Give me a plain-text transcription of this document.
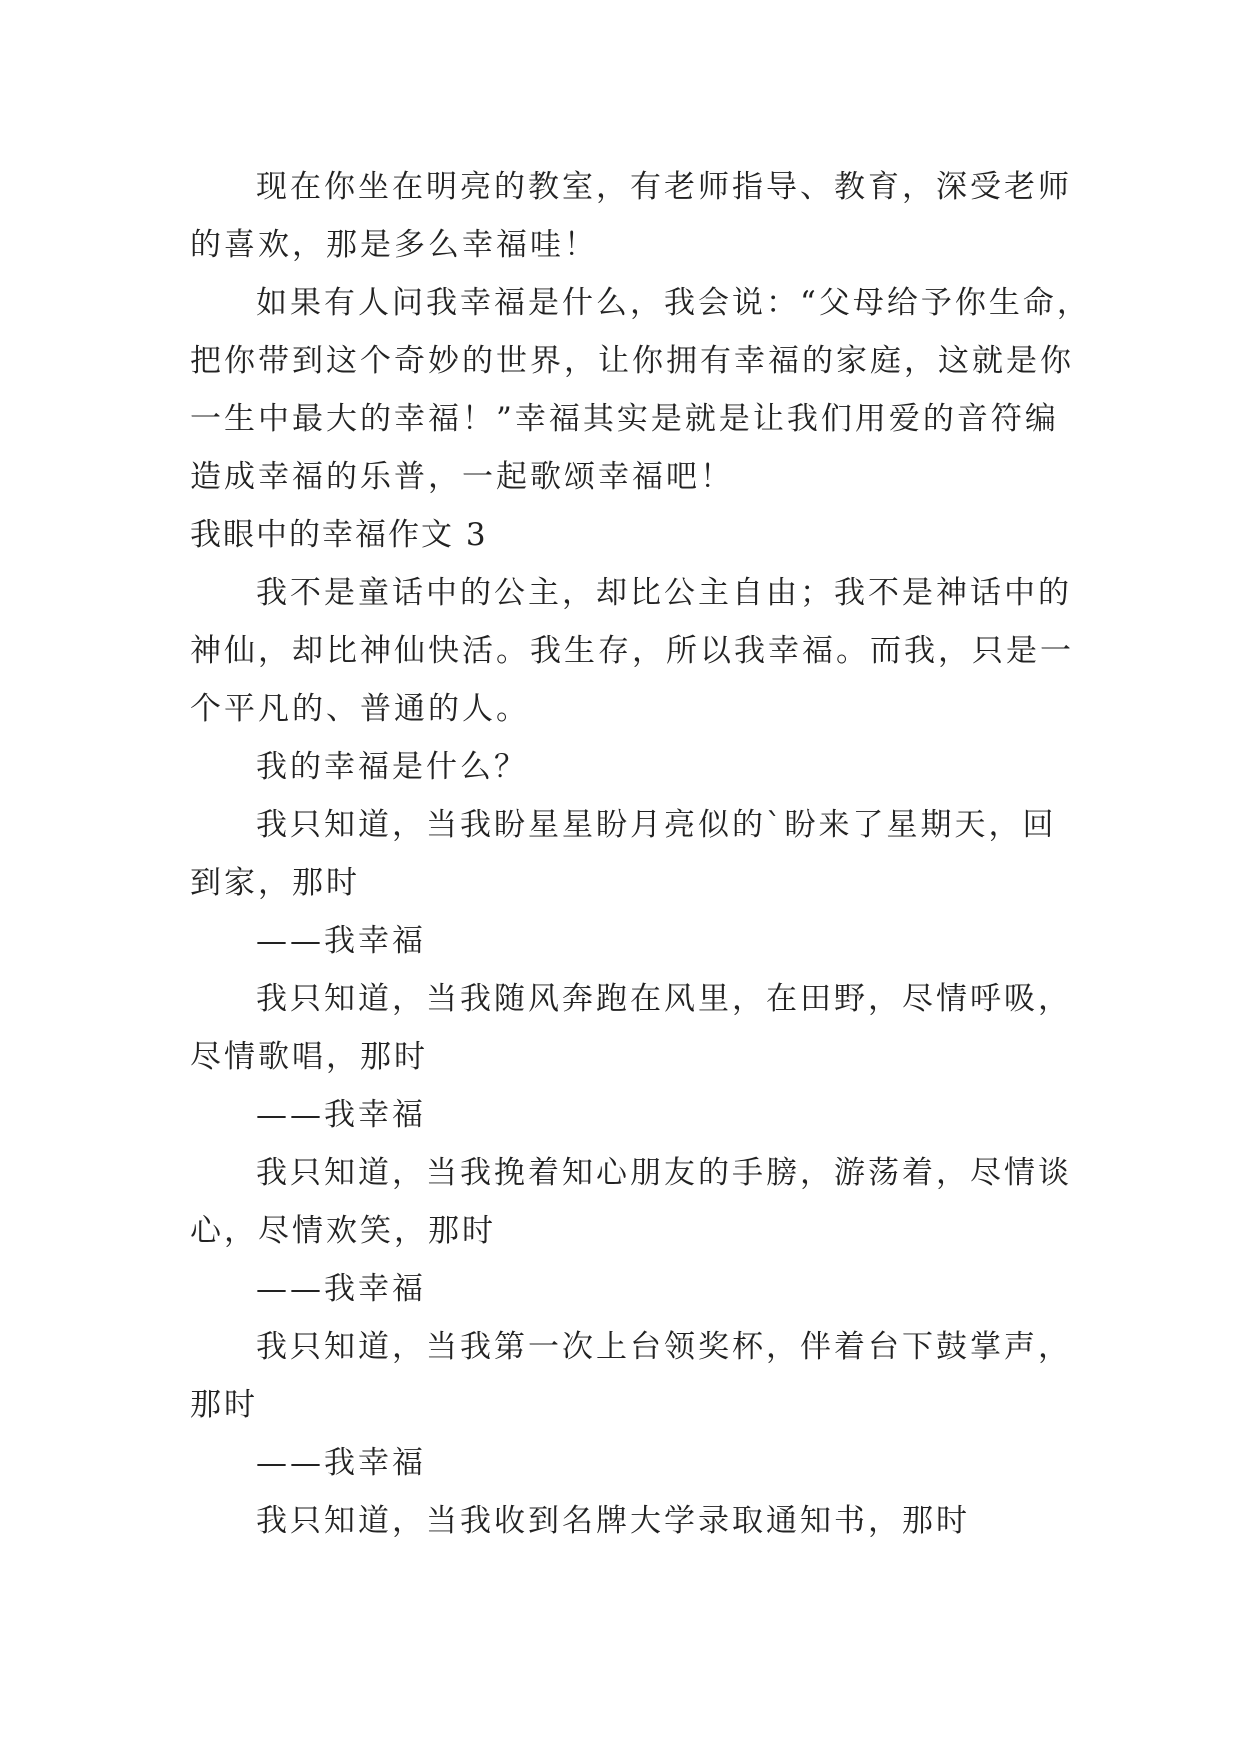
现在你坐在明亮的教室，有老师指导、教育，深受老师
的喜欢，那是多么幸福哇！
如果有人问我幸福是什么，我会说：“父母给予你生命，
把你带到这个奇妙的世界，让你拥有幸福的家庭，这就是你
一生中最大的幸福！”幸福其实是就是让我们用爱的音符编
造成幸福的乐普，一起歌颂幸福吧！
我眼中的幸福作文 3
我不是童话中的公主，却比公主自由；我不是神话中的
神仙，却比神仙快活。我生存，所以我幸福。而我，只是一
个平凡的、普通的人。
我的幸福是什么？
我只知道，当我盼星星盼月亮似的`盼来了星期天，回
到家，那时
——我幸福
我只知道，当我随风奔跑在风里，在田野，尽情呼吸，
尽情歌唱，那时
——我幸福
我只知道，当我挽着知心朋友的手膀，游荡着，尽情谈
心，尽情欢笑，那时
——我幸福
我只知道，当我第一次上台领奖杯，伴着台下鼓掌声，
那时
——我幸福
我只知道，当我收到名牌大学录取通知书，那时
